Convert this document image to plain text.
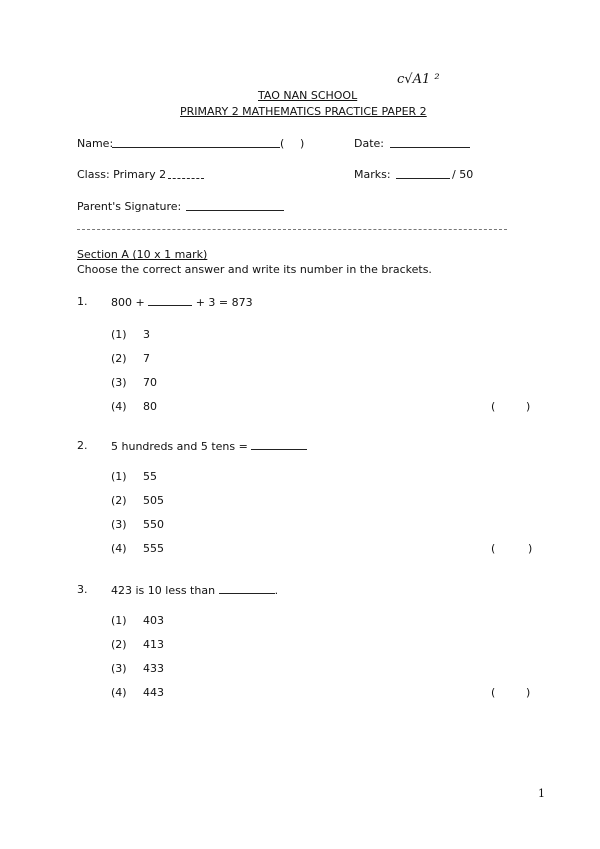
c√A1 ²
TAO NAN SCHOOL
PRIMARY 2 MATHEMATICS PRACTICE PAPER 2
Name:	( )	Date:
Class: Primary 2	Marks:	/ 50
Parent's Signature:
Section A (10 x 1 mark)
Choose the correct answer and write its number in the brackets.
1. 800 +	+ 3 = 873
(1) 3
(2) 7
(3) 70
(4) 80	(	)
2. 5 hundreds and 5 tens =
(1) 55
(2) 505
(3) 550
(4) 555	(	)
3. 423 is 10 less than	.
(1) 403
(2) 413
(3) 433
(4) 443	(	)
1
